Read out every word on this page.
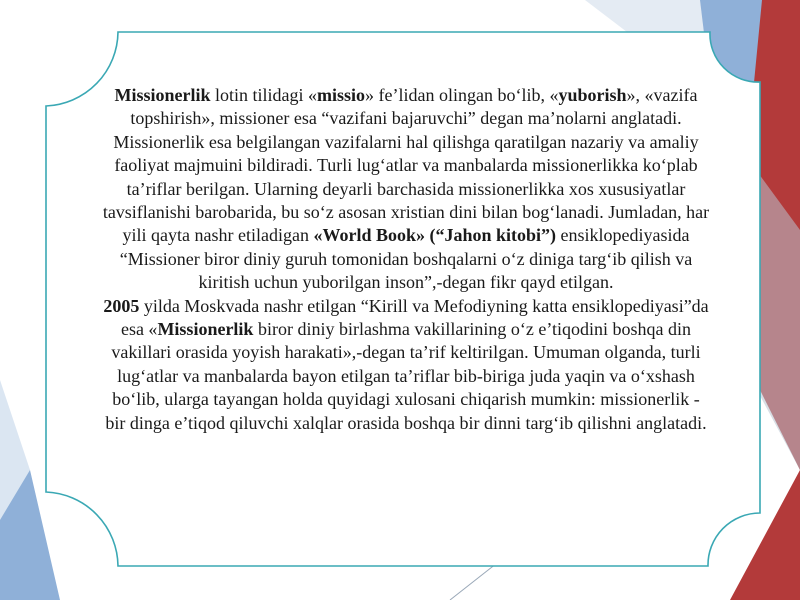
Missionerlik lotin tilidagi «missio» fe’lidan olingan bo‘lib, «yuborish», «vazifa topshirish», missioner esa “vazifani bajaruvchi” degan ma’nolarni anglatadi. Missionerlik esa belgilangan vazifalarni hal qilishga qaratilgan nazariy va amaliy faoliyat majmuini bildiradi. Turli lug‘atlar va manbalarda missionerlikka ko‘plab ta’riflar berilgan. Ularning deyarli barchasida missionerlikka xos xususiyatlar tavsiflanishi barobarida, bu so‘z asosan xristian dini bilan bog‘lanadi. Jumladan, har yili qayta nashr etiladigan «World Book» (“Jahon kitobi”) ensiklopediyasida “Missioner biror diniy guruh tomonidan boshqalarni o‘z diniga targ‘ib qilish va kiritish uchun yuborilgan inson”,-degan fikr qayd etilgan.

2005 yilda Moskvada nashr etilgan “Kirill va Mefodiyning katta ensiklopediyasi”da esa «Missionerlik biror diniy birlashma vakillarining o‘z e’tiqodini boshqa din vakillari orasida yoyish harakati»,-degan ta’rif keltirilgan. Umuman olganda, turli lug‘atlar va manbalarda bayon etilgan ta’riflar bib-biriga juda yaqin va o‘xshash bo‘lib, ularga tayangan holda quyidagi xulosani chiqarish mumkin: missionerlik - bir dinga e’tiqod qiluvchi xalqlar orasida boshqa bir dinni targ‘ib qilishni anglatadi.
